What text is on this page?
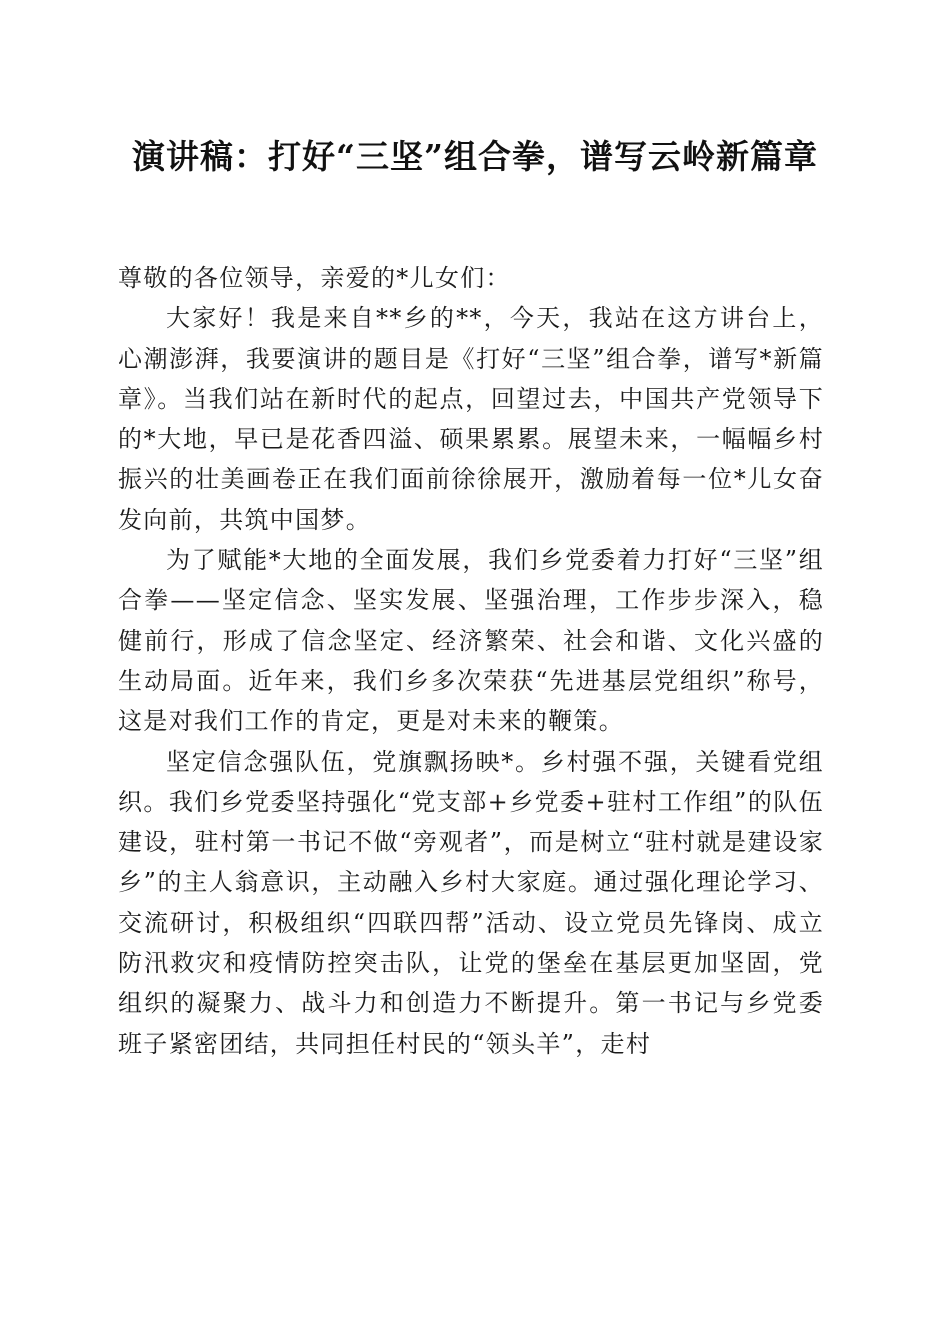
演讲稿：打好“三坚”组合拳，谱写云岭新篇章

尊敬的各位领导，亲爱的*儿女们：

大家好！我是来自**乡的**，今天，我站在这方讲台上，心潮澎湃，我要演讲的题目是《打好“三坚”组合拳，谱写*新篇章》。当我们站在新时代的起点，回望过去，中国共产党领导下的*大地，早已是花香四溢、硕果累累。展望未来，一幅幅乡村振兴的壮美画卷正在我们面前徐徐展开，激励着每一位*儿女奋发向前，共筑中国梦。

为了赋能*大地的全面发展，我们乡党委着力打好“三坚”组合拳——坚定信念、坚实发展、坚强治理，工作步步深入，稳健前行，形成了信念坚定、经济繁荣、社会和谐、文化兴盛的生动局面。近年来，我们乡多次荣获“先进基层党组织”称号，这是对我们工作的肯定，更是对未来的鞭策。

坚定信念强队伍，党旗飘扬映*。乡村强不强，关键看党组织。我们乡党委坚持强化“党支部+乡党委+驻村工作组”的队伍建设，驻村第一书记不做“旁观者”，而是树立“驻村就是建设家乡”的主人翁意识，主动融入乡村大家庭。通过强化理论学习、交流研讨，积极组织“四联四帮”活动、设立党员先锋岗、成立防汛救灾和疫情防控突击队，让党的堡垒在基层更加坚固，党组织的凝聚力、战斗力和创造力不断提升。第一书记与乡党委班子紧密团结，共同担任村民的“领头羊”，走村
